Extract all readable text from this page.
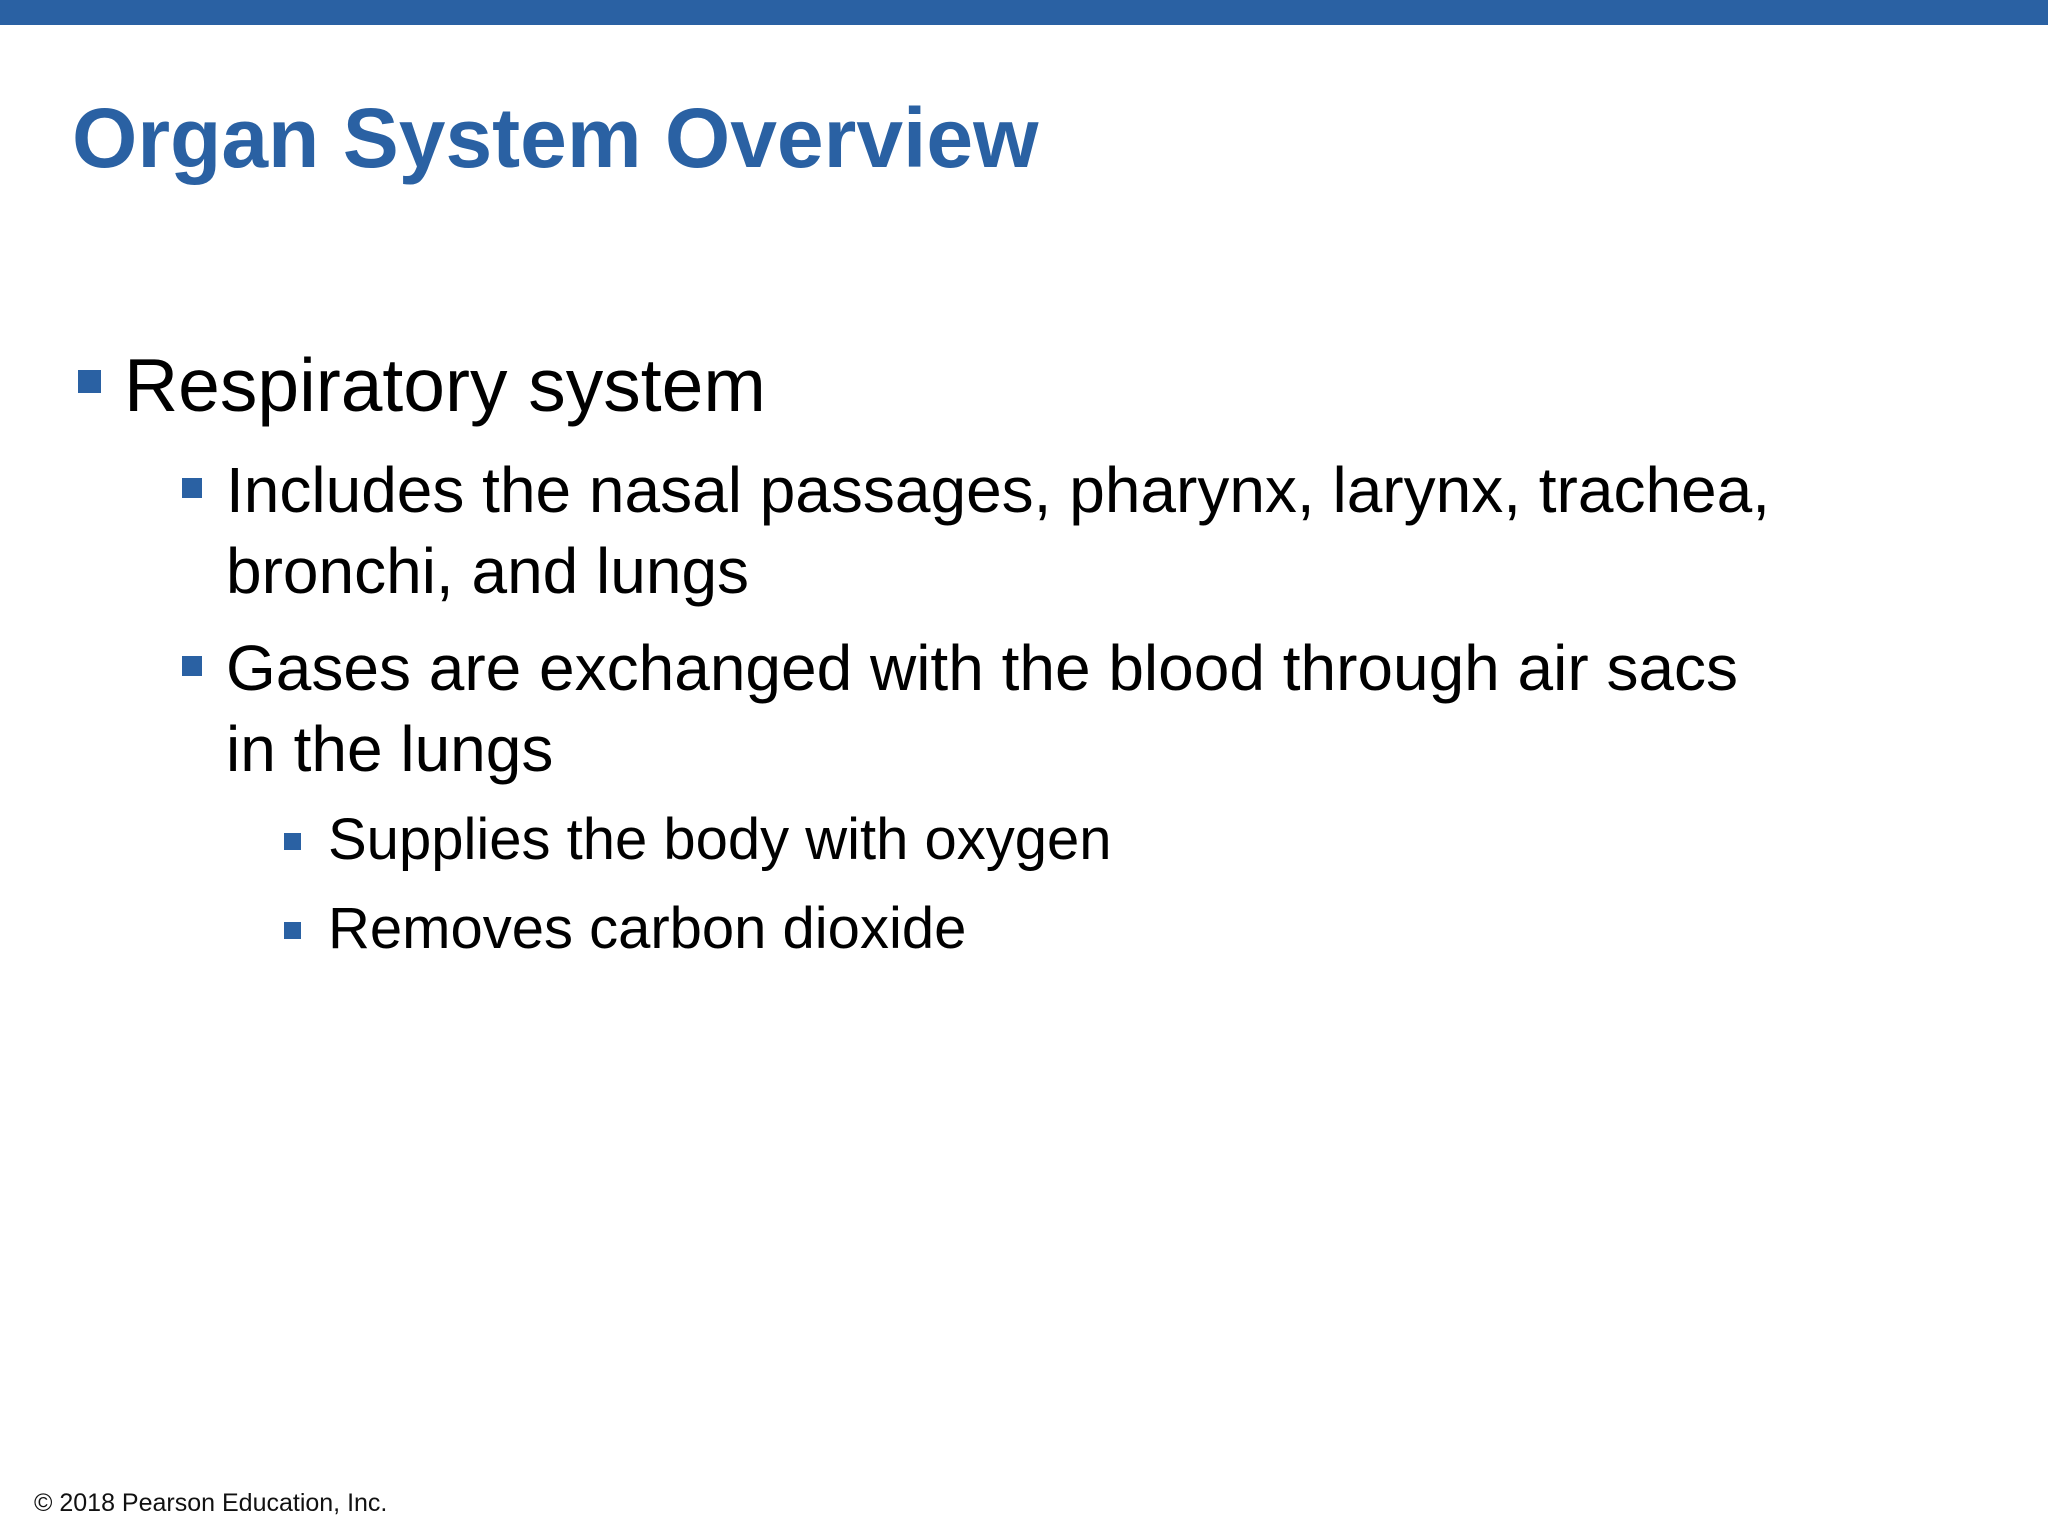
Organ System Overview
Respiratory system
Includes the nasal passages, pharynx, larynx, trachea,
bronchi, and lungs
Gases are exchanged with the blood through air sacs
in the lungs
Supplies the body with oxygen
Removes carbon dioxide
© 2018 Pearson Education, Inc.
